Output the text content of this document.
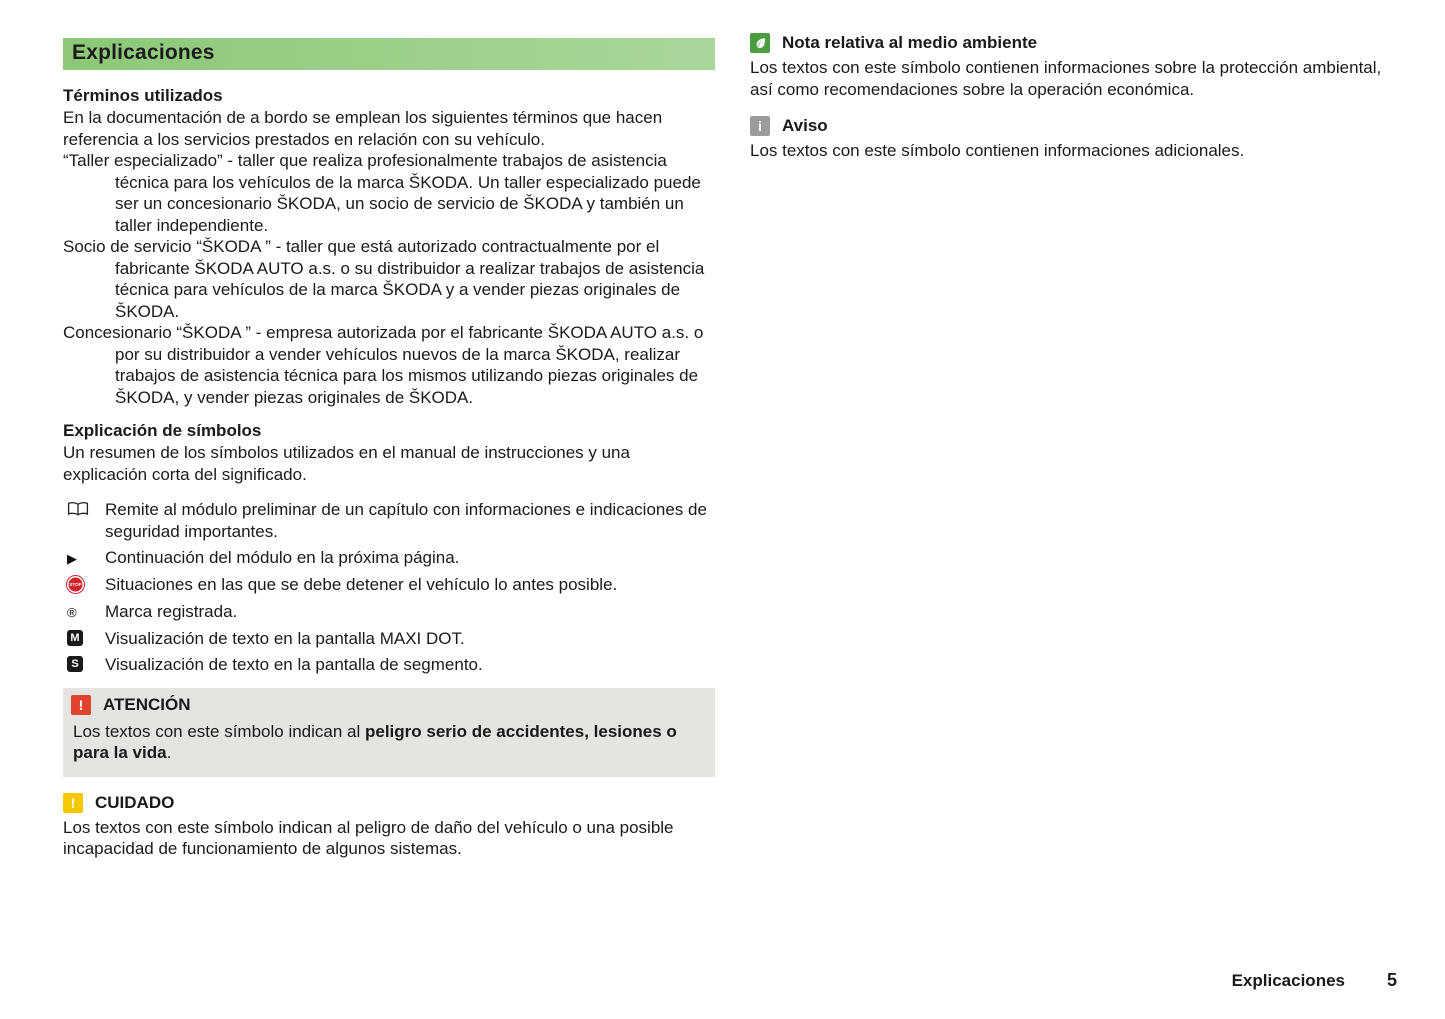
Explicaciones
Términos utilizados

En la documentación de a bordo se emplean los siguientes términos que hacen referencia a los servicios prestados en relación con su vehículo.

“Taller especializado” - taller que realiza profesionalmente trabajos de asistencia técnica para los vehículos de la marca ŠKODA. Un taller especializado puede ser un concesionario ŠKODA, un socio de servicio de ŠKODA y también un taller independiente.

Socio de servicio “ŠKODA ” - taller que está autorizado contractualmente por el fabricante ŠKODA AUTO a.s. o su distribuidor a realizar trabajos de asistencia técnica para vehículos de la marca ŠKODA y a vender piezas originales de ŠKODA.

Concesionario “ŠKODA ” - empresa autorizada por el fabricante ŠKODA AUTO a.s. o por su distribuidor a vender vehículos nuevos de la marca ŠKODA, realizar trabajos de asistencia técnica para los mismos utilizando piezas originales de ŠKODA, y vender piezas originales de ŠKODA.

Explicación de símbolos

Un resumen de los símbolos utilizados en el manual de instrucciones y una explicación corta del significado.

Remite al módulo preliminar de un capítulo con informaciones e indicaciones de seguridad importantes.
▶ Continuación del módulo en la próxima página.
STOP Situaciones en las que se debe detener el vehículo lo antes posible.
® Marca registrada.
M Visualización de texto en la pantalla MAXI DOT.
S Visualización de texto en la pantalla de segmento.
! ATENCIÓN

Los textos con este símbolo indican al peligro serio de accidentes, lesiones o para la vida.

! CUIDADO

Los textos con este símbolo indican al peligro de daño del vehículo o una posible incapacidad de funcionamiento de algunos sistemas.

Nota relativa al medio ambiente

Los textos con este símbolo contienen informaciones sobre la protección ambiental, así como recomendaciones sobre la operación económica.

i Aviso

Los textos con este símbolo contienen informaciones adicionales.

Explicaciones 5
